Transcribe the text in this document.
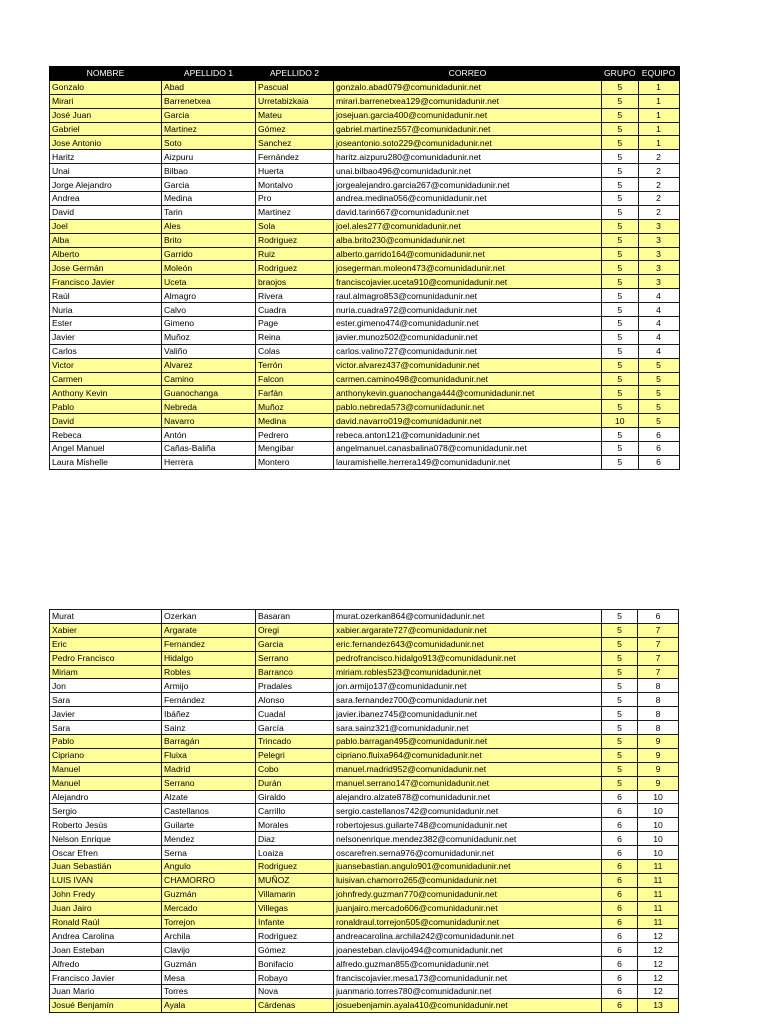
NOMBRE	APELLIDO 1	APELLIDO 2	CORREO	GRUPO	EQUIPO
Gonzalo	Abad	Pascual	gonzalo.abad079@comunidadunir.net	5	1
Mirari	Barrenetxea	Urretabizkaia	mirari.barrenetxea129@comunidadunir.net	5	1
José Juan	Garcia	Mateu	josejuan.garcia400@comunidadunir.net	5	1
Gabriel	Martinez	Gómez	gabriel.martinez557@comunidadunir.net	5	1
Jose Antonio	Soto	Sanchez	joseantonio.soto229@comunidadunir.net	5	1
Haritz	Aizpuru	Fernández	haritz.aizpuru280@comunidadunir.net	5	2
Unai	Bilbao	Huerta	unai.bilbao496@comunidadunir.net	5	2
Jorge Alejandro	Garcia	Montalvo	jorgealejandro.garcia267@comunidadunir.net	5	2
Andrea	Medina	Pro	andrea.medina056@comunidadunir.net	5	2
David	Tarin	Martinez	david.tarin667@comunidadunir.net	5	2
Joel	Ales	Sola	joel.ales277@comunidadunir.net	5	3
Alba	Brito	Rodriguez	alba.brito230@comunidadunir.net	5	3
Alberto	Garrido	Ruiz	alberto.garrido164@comunidadunir.net	5	3
Jose Germán	Moleón	Rodriguez	josegerman.moleon473@comunidadunir.net	5	3
Francisco Javier	Uceta	braojos	franciscojavier.uceta910@comunidadunir.net	5	3
Raúl	Almagro	Rivera	raul.almagro853@comunidadunir.net	5	4
Nuria	Calvo	Cuadra	nuria.cuadra972@comunidadunir.net	5	4
Ester	Gimeno	Page	ester.gimeno474@comunidadunir.net	5	4
Javier	Muñoz	Reina	javier.munoz502@comunidadunir.net	5	4
Carlos	Valiño	Colas	carlos.valino727@comunidadunir.net	5	4
Victor	Alvarez	Terrón	victor.alvarez437@comunidadunir.net	5	5
Carmen	Camino	Falcon	carmen.camino498@comunidadunir.net	5	5
Anthony Kevin	Guanochanga	Farfán	anthonykevin.guanochanga444@comunidadunir.net	5	5
Pablo	Nebreda	Muñoz	pablo.nebreda573@comunidadunir.net	5	5
David	Navarro	Medina	david.navarro019@comunidadunir.net	10	5
Rebeca	Antón	Pedrero	rebeca.anton121@comunidadunir.net	5	6
Angel Manuel	Cañas-Baliña	Mengibar	angelmanuel.canasbalina078@comunidadunir.net	5	6
Laura Mishelle	Herrera	Montero	lauramishelle.herrera149@comunidadunir.net	5	6
Murat	Ozerkan	Basaran	murat.ozerkan864@comunidadunir.net	5	6
Xabier	Argarate	Oregi	xabier.argarate727@comunidadunir.net	5	7
Eric	Fernandez	Garcia	eric.fernandez643@comunidadunir.net	5	7
Pedro Francisco	Hidalgo	Serrano	pedrofrancisco.hidalgo913@comunidadunir.net	5	7
Miriam	Robles	Barranco	miriam.robles523@comunidadunir.net	5	7
Jon	Armijo	Pradales	jon.armijo137@comunidadunir.net	5	8
Sara	Fernández	Alonso	sara.fernandez700@comunidadunir.net	5	8
Javier	Ibáñez	Cuadal	javier.ibanez745@comunidadunir.net	5	8
Sara	Sainz	García	sara.sainz321@comunidadunir.net	5	8
Pablo	Barragán	Trincado	pablo.barragan495@comunidadunir.net	5	9
Cipriano	Fluixa	Pelegri	cipriano.fluixa964@comunidadunir.net	5	9
Manuel	Madrid	Cobo	manuel.madrid952@comunidadunir.net	5	9
Manuel	Serrano	Durán	manuel.serrano147@comunidadunir.net	5	9
Alejandro	Alzate	Giraldo	alejandro.alzate878@comunidadunir.net	6	10
Sergio	Castellanos	Carrillo	sergio.castellanos742@comunidadunir.net	6	10
Roberto Jesús	Guilarte	Morales	robertojesus.guilarte748@comunidadunir.net	6	10
Nelson Enrique	Mendez	Diaz	nelsonenrique.mendez382@comunidadunir.net	6	10
Oscar Efren	Serna	Loaiza	oscarefren.serna976@comunidadunir.net	6	10
Juan Sebastián	Angulo	Rodriguez	juansebastian.angulo901@comunidadunir.net	6	11
LUIS IVAN	CHAMORRO	MUÑOZ	luisivan.chamorro265@comunidadunir.net	6	11
John Fredy	Guzmán	Villamarin	johnfredy.guzman770@comunidadunir.net	6	11
Juan Jairo	Mercado	Villegas	juanjairo.mercado606@comunidadunir.net	6	11
Ronald Raúl	Torrejon	Infante	ronaldraul.torrejon505@comunidadunir.net	6	11
Andrea Carolina	Archila	Rodriguez	andreacarolina.archila242@comunidadunir.net	6	12
Joan Esteban	Clavijo	Gómez	joanesteban.clavijo494@comunidadunir.net	6	12
Alfredo	Guzmán	Bonifacio	alfredo.guzman855@comunidadunir.net	6	12
Francisco Javier	Mesa	Robayo	franciscojavier.mesa173@comunidadunir.net	6	12
Juan Mario	Torres	Nova	juanmario.torres780@comunidadunir.net	6	12
Josué Benjamín	Ayala	Cárdenas	josuebenjamin.ayala410@comunidadunir.net	6	13
